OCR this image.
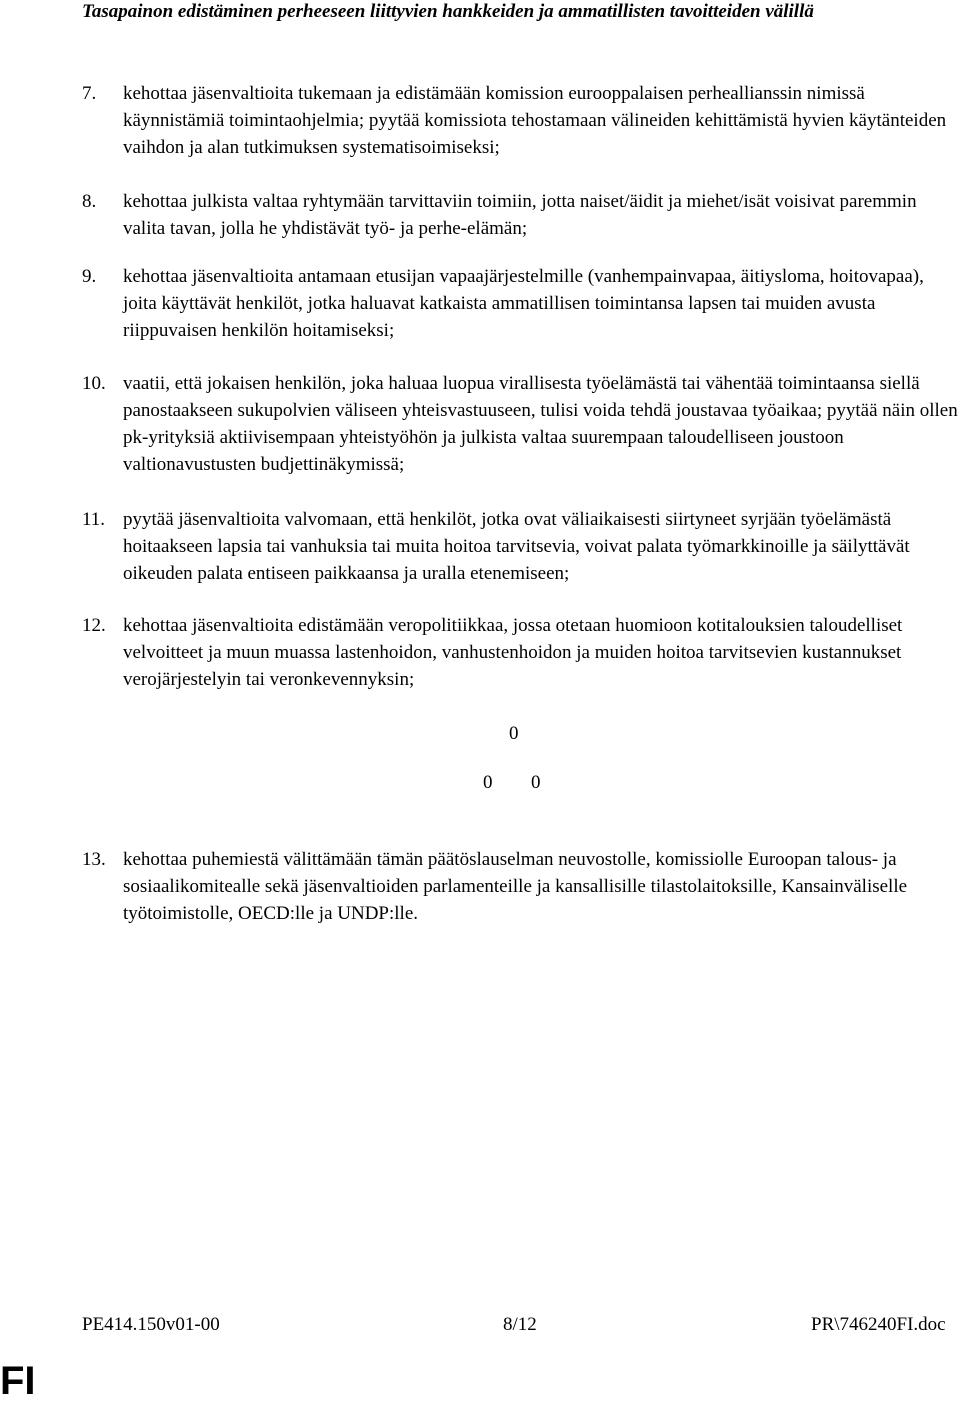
Tasapainon edistäminen perheeseen liittyvien hankkeiden ja ammatillisten tavoitteiden välillä
7. kehottaa jäsenvaltioita tukemaan ja edistämään komission eurooppalaisen perheallianssin nimissä käynnistämiä toimintaohjelmia; pyytää komissiota tehostamaan välineiden kehittämistä hyvien käytänteiden vaihdon ja alan tutkimuksen systematisoimiseksi;
8. kehottaa julkista valtaa ryhtymään tarvittaviin toimiin, jotta naiset/äidit ja miehet/isät voisivat paremmin valita tavan, jolla he yhdistävät työ- ja perhe-elämän;
9. kehottaa jäsenvaltioita antamaan etusijan vapaajärjestelmille (vanhempainvapaa, äitiysloma, hoitovapaa), joita käyttävät henkilöt, jotka haluavat katkaista ammatillisen toimintansa lapsen tai muiden avusta riippuvaisen henkilön hoitamiseksi;
10. vaatii, että jokaisen henkilön, joka haluaa luopua virallisesta työelämästä tai vähentää toimintaansa siellä panostaakseen sukupolvien väliseen yhteisvastuuseen, tulisi voida tehdä joustavaa työaikaa; pyytää näin ollen pk-yrityksiä aktiivisempaan yhteistyöhön ja julkista valtaa suurempaan taloudelliseen joustoon valtionavustusten budjettinäkymissä;
11. pyytää jäsenvaltioita valvomaan, että henkilöt, jotka ovat väliaikaisesti siirtyneet syrjään työelämästä hoitaakseen lapsia tai vanhuksia tai muita hoitoa tarvitsevia, voivat palata työmarkkinoille ja säilyttävät oikeuden palata entiseen paikkaansa ja uralla etenemiseen;
12. kehottaa jäsenvaltioita edistämään veropolitiikkaa, jossa otetaan huomioon kotitalouksien taloudelliset velvoitteet ja muun muassa lastenhoidon, vanhustenhoidon ja muiden hoitoa tarvitsevien kustannukset verojärjestelyin tai veronkevennyksin;
0
0 0
13. kehottaa puhemiestä välittämään tämän päätöslauselman neuvostolle, komissiolle Euroopan talous- ja sosiaalikomitealle sekä jäsenvaltioiden parlamenteille ja kansallisille tilastolaitoksille, Kansainväliselle työtoimistolle, OECD:lle ja UNDP:lle.
PE414.150v01-00	8/12	PR\746240FI.doc
FI
